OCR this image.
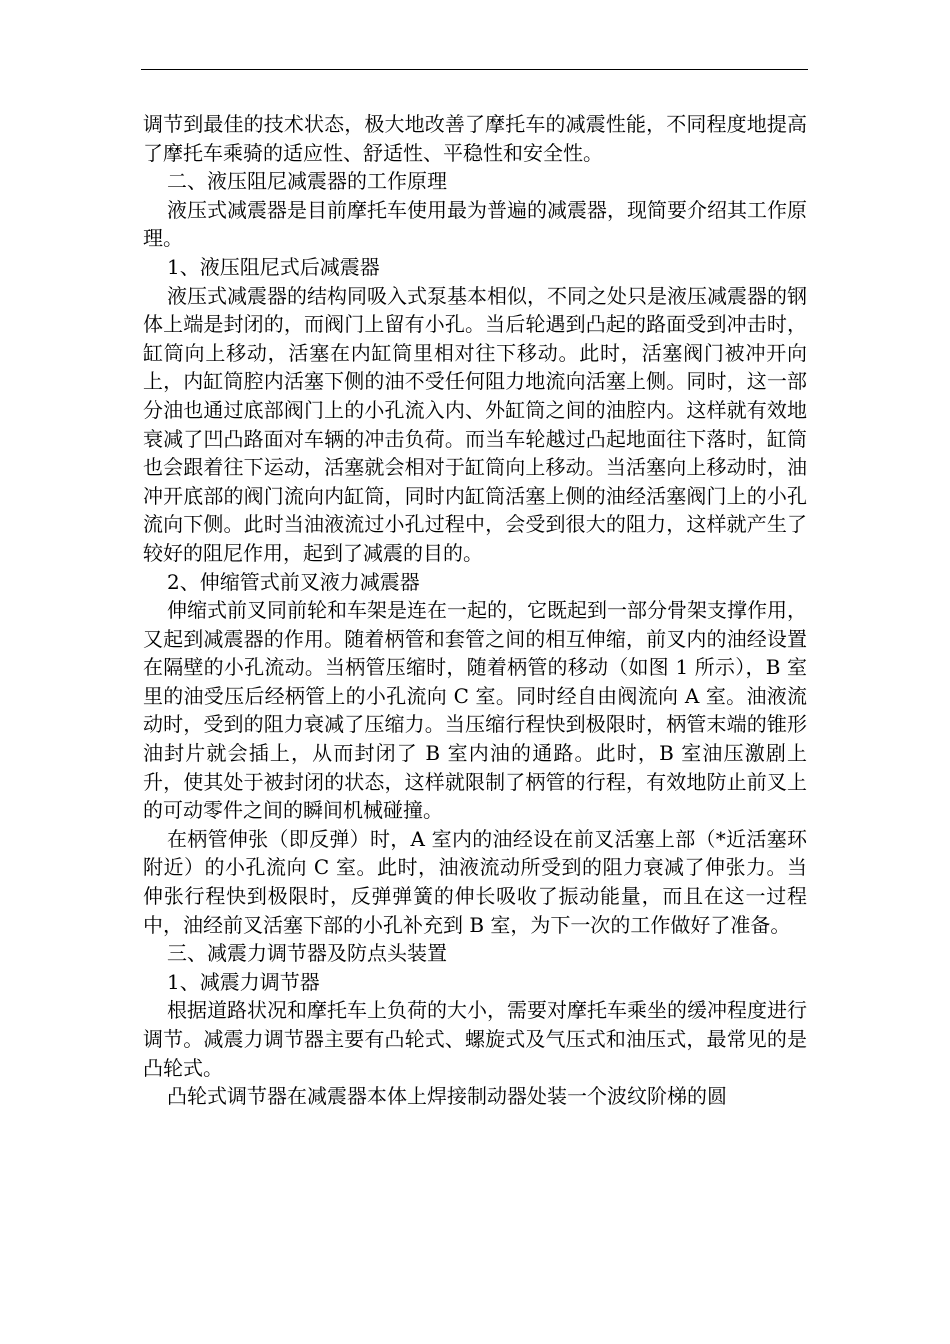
调节到最佳的技术状态，极大地改善了摩托车的减震性能，不同程度地提高了摩托车乘骑的适应性、舒适性、平稳性和安全性。

二、液压阻尼减震器的工作原理

液压式减震器是目前摩托车使用最为普遍的减震器，现简要介绍其工作原理。

1、液压阻尼式后减震器

液压式减震器的结构同吸入式泵基本相似，不同之处只是液压减震器的钢体上端是封闭的，而阀门上留有小孔。当后轮遇到凸起的路面受到冲击时，缸筒向上移动，活塞在内缸筒里相对往下移动。此时，活塞阀门被冲开向上，内缸筒腔内活塞下侧的油不受任何阻力地流向活塞上侧。同时，这一部分油也通过底部阀门上的小孔流入内、外缸筒之间的油腔内。这样就有效地衰减了凹凸路面对车辆的冲击负荷。而当车轮越过凸起地面往下落时，缸筒也会跟着往下运动，活塞就会相对于缸筒向上移动。当活塞向上移动时，油冲开底部的阀门流向内缸筒，同时内缸筒活塞上侧的油经活塞阀门上的小孔流向下侧。此时当油液流过小孔过程中，会受到很大的阻力，这样就产生了较好的阻尼作用，起到了减震的目的。

2、伸缩管式前叉液力减震器

伸缩式前叉同前轮和车架是连在一起的，它既起到一部分骨架支撑作用，又起到减震器的作用。随着柄管和套管之间的相互伸缩，前叉内的油经设置在隔壁的小孔流动。当柄管压缩时，随着柄管的移动（如图 1 所示），B 室里的油受压后经柄管上的小孔流向 C 室。同时经自由阀流向 A 室。油液流动时，受到的阻力衰减了压缩力。当压缩行程快到极限时，柄管末端的锥形油封片就会插上，从而封闭了 B 室内油的通路。此时，B 室油压激剧上升，使其处于被封闭的状态，这样就限制了柄管的行程，有效地防止前叉上的可动零件之间的瞬间机械碰撞。

在柄管伸张（即反弹）时，A 室内的油经设在前叉活塞上部（*近活塞环附近）的小孔流向 C 室。此时，油液流动所受到的阻力衰减了伸张力。当伸张行程快到极限时，反弹弹簧的伸长吸收了振动能量，而且在这一过程中，油经前叉活塞下部的小孔补充到 B 室，为下一次的工作做好了准备。

三、减震力调节器及防点头装置

1、减震力调节器

根据道路状况和摩托车上负荷的大小，需要对摩托车乘坐的缓冲程度进行调节。减震力调节器主要有凸轮式、螺旋式及气压式和油压式，最常见的是凸轮式。

凸轮式调节器在减震器本体上焊接制动器处装一个波纹阶梯的圆
